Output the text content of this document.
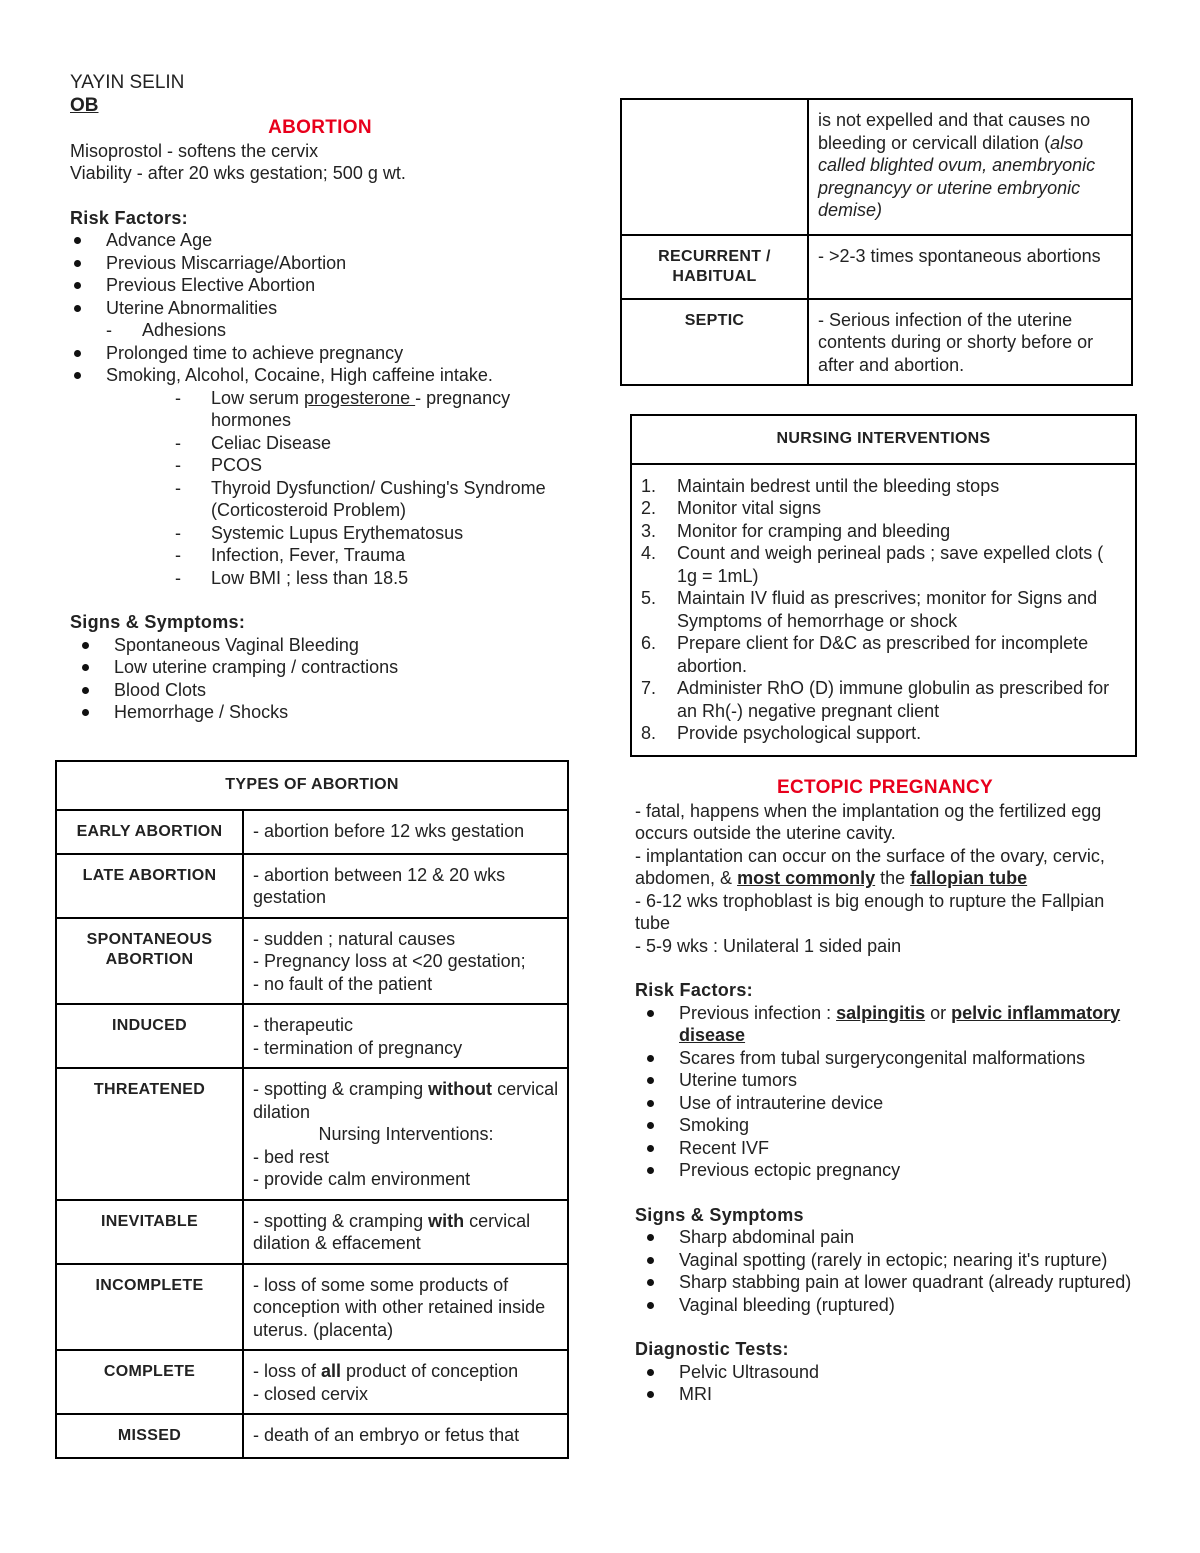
YAYIN SELIN

OB

ABORTION

Misoprostol - softens the cervix

Viability - after 20 wks gestation; 500 g wt.

Risk Factors:

Advance Age
Previous Miscarriage/Abortion
Previous Elective Abortion
Uterine Abnormalities
- Adhesions
Prolonged time to achieve pregnancy
Smoking, Alcohol, Cocaine, High caffeine intake.
- Low serum progesterone - pregnancy hormones
- Celiac Disease
- PCOS
- Thyroid Dysfunction/ Cushing's Syndrome (Corticosteroid Problem)
- Systemic Lupus Erythematosus
- Infection, Fever, Trauma
- Low BMI ; less than 18.5

Signs & Symptoms:

Spontaneous Vaginal Bleeding
Low uterine cramping / contractions
Blood Clots
Hemorrhage / Shocks
TYPES OF ABORTION	
EARLY ABORTION	- abortion before 12 wks gestation
LATE ABORTION	- abortion between 12 & 20 wks gestation
SPONTANEOUS ABORTION	- sudden ; natural causes
- Pregnancy loss at <20 gestation;
- no fault of the patient

INDUCED	- therapeutic
- termination of pregnancy

THREATENED	- spotting & cramping without cervical dilation
Nursing Interventions:
- bed rest
- provide calm environment

INEVITABLE	- spotting & cramping with cervical dilation & effacement
INCOMPLETE	- loss of some some products of conception with other retained inside uterus. (placenta)
COMPLETE	- loss of all product of conception
- closed cervix

MISSED	- death of an embryo or fetus that
	is not expelled and that causes no bleeding or cervicall dilation (also called blighted ovum, anembryonic pregnancyy or uterine embryonic demise)
RECURRENT / HABITUAL	- >2-3 times spontaneous abortions
SEPTIC	- Serious infection of the uterine contents during or shorty before or after and abortion.
NURSING INTERVENTIONS

1. Maintain bedrest until the bleeding stops
2. Monitor vital signs
3. Monitor for cramping and bleeding
4. Count and weigh perineal pads ; save expelled clots ( 1g = 1mL)
5. Maintain IV fluid as prescrives; monitor for Signs and Symptoms of hemorrhage or shock
6. Prepare client for D&C as prescribed for incomplete abortion.
7. Administer RhO (D) immune globulin as prescribed for an Rh(-) negative pregnant client
8. Provide psychological support.

ECTOPIC PREGNANCY

- fatal, happens when the implantation og the fertilized egg occurs outside the uterine cavity.

- implantation can occur on the surface of the ovary, cervic, abdomen, & most commonly the fallopian tube

- 6-12 wks trophoblast is big enough to rupture the Fallpian tube

- 5-9 wks : Unilateral 1 sided pain

Risk Factors:

Previous infection : salpingitis or pelvic inflammatory disease
Scares from tubal surgerycongenital malformations
Uterine tumors
Use of intrauterine device
Smoking
Recent IVF
Previous ectopic pregnancy

Signs & Symptoms

Sharp abdominal pain
Vaginal spotting (rarely in ectopic; nearing it's rupture)
Sharp stabbing pain at lower quadrant (already ruptured)
Vaginal bleeding (ruptured)

Diagnostic Tests:

Pelvic Ultrasound
MRI
